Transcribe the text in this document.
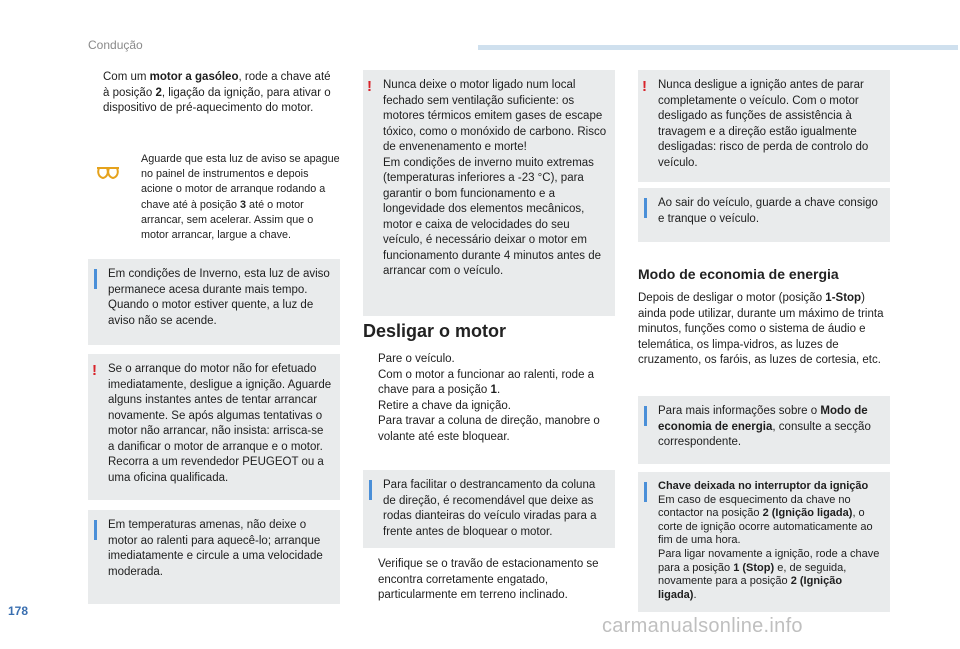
Condução
Com um motor a gasóleo, rode a chave até à posição 2, ligação da ignição, para ativar o dispositivo de pré-aquecimento do motor.
Aguarde que esta luz de aviso se apague no painel de instrumentos e depois acione o motor de arranque rodando a chave até à posição 3 até o motor arrancar, sem acelerar. Assim que o motor arrancar, largue a chave.
Em condições de Inverno, esta luz de aviso permanece acesa durante mais tempo. Quando o motor estiver quente, a luz de aviso não se acende.
! Se o arranque do motor não for efetuado imediatamente, desligue a ignição. Aguarde alguns instantes antes de tentar arrancar novamente. Se após algumas tentativas o motor não arrancar, não insista: arrisca-se a danificar o motor de arranque e o motor. Recorra a um revendedor PEUGEOT ou a uma oficina qualificada.
Em temperaturas amenas, não deixe o motor ao ralenti para aquecê-lo; arranque imediatamente e circule a uma velocidade moderada.
! Nunca deixe o motor ligado num local fechado sem ventilação suficiente: os motores térmicos emitem gases de escape tóxico, como o monóxido de carbono. Risco de envenenamento e morte!
Em condições de inverno muito extremas (temperaturas inferiores a -23 °C), para garantir o bom funcionamento e a longevidade dos elementos mecânicos, motor e caixa de velocidades do seu veículo, é necessário deixar o motor em funcionamento durante 4 minutos antes de arrancar com o veículo.
Desligar o motor
Pare o veículo.
Com o motor a funcionar ao ralenti, rode a chave para a posição 1.
Retire a chave da ignição.
Para travar a coluna de direção, manobre o volante até este bloquear.
Para facilitar o destrancamento da coluna de direção, é recomendável que deixe as rodas dianteiras do veículo viradas para a frente antes de bloquear o motor.
Verifique se o travão de estacionamento se encontra corretamente engatado, particularmente em terreno inclinado.
! Nunca desligue a ignição antes de parar completamente o veículo. Com o motor desligado as funções de assistência à travagem e a direção estão igualmente desligadas: risco de perda de controlo do veículo.
Ao sair do veículo, guarde a chave consigo e tranque o veículo.
Modo de economia de energia
Depois de desligar o motor (posição 1-Stop) ainda pode utilizar, durante um máximo de trinta minutos, funções como o sistema de áudio e telemática, os limpa-vidros, as luzes de cruzamento, os faróis, as luzes de cortesia, etc.
Para mais informações sobre o Modo de economia de energia, consulte a secção correspondente.
Chave deixada no interruptor da ignição
Em caso de esquecimento da chave no contactor na posição 2 (Ignição ligada), o corte de ignição ocorre automaticamente ao fim de uma hora.
Para ligar novamente a ignição, rode a chave para a posição 1 (Stop) e, de seguida, novamente para a posição 2 (Ignição ligada).
178
carmanualsonline.info
